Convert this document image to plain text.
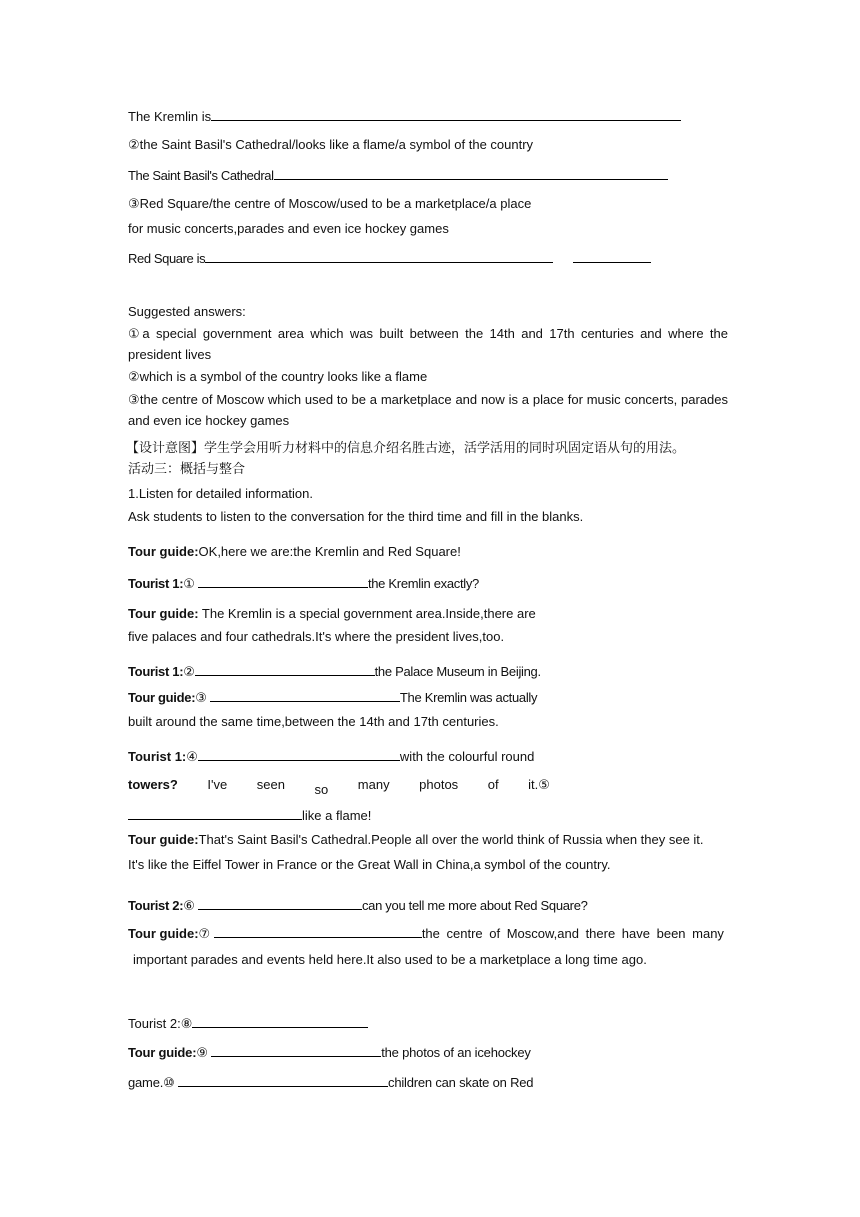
The Kremlin is
②the Saint Basil's Cathedral/looks like a flame/a symbol of the country
The Saint Basil's Cathedral
③Red Square/the centre of Moscow/used to be a marketplace/a place
for music concerts,parades and even ice hockey games
Red Square is
Suggested answers:
①a special government area which was built between the 14th and 17th centuries and where the president lives
②which is a symbol of the country looks like a flame
③the centre of Moscow which used to be a marketplace and now is a place for music concerts, parades and even ice hockey games
【设计意图】学生学会用听力材料中的信息介绍名胜古迹，活学活用的同时巩固定语从句的用法。
活动三：概括与整合
1.Listen for detailed information.
Ask students to listen to the conversation for the third time and fill in the blanks.
Tour guide:OK,here we are:the Kremlin and Red Square!
Tourist 1:①	the Kremlin exactly?
Tour guide: The Kremlin is a special government area.Inside,there are
five palaces and four cathedrals.It's where the president lives,too.
Tourist 1:②	the Palace Museum in Beijing.
Tour guide:③	The Kremlin was actually
built around the same time,between the 14th and 17th centuries.
Tourist 1:④	with the colourful round
towers? I've seen so many photos of it.⑤
like a flame!
Tour guide:That's Saint Basil's Cathedral.People all over the world think of Russia when they see it.
It's like the Eiffel Tower in France or the Great Wall in China,a symbol of the country.
Tourist 2:⑥	can you tell me more about Red Square?
Tour guide:⑦	the centre of Moscow,and there have been many
important parades and events held here.It also used to be a marketplace a long time ago.
Tourist 2:⑧
Tour guide:⑨	the photos of an icehockey
game.⑩	children can skate on Red
